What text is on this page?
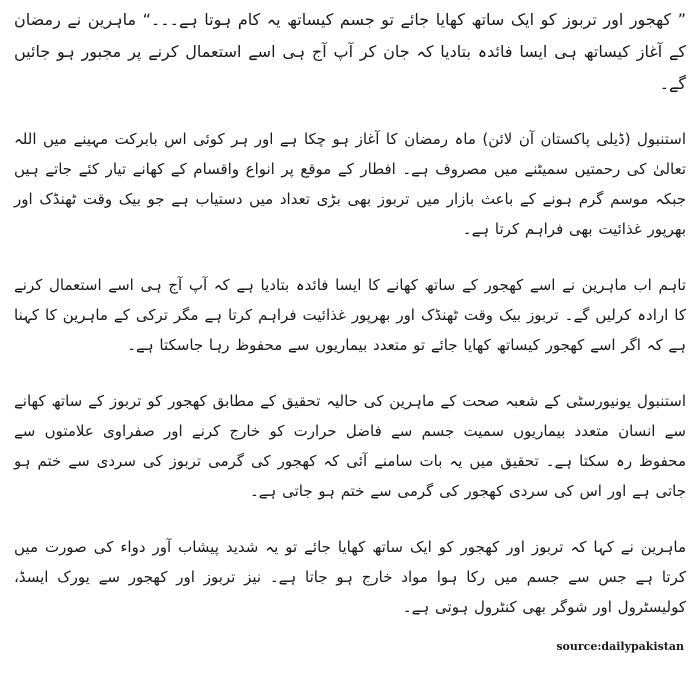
” کھجور اور تربوز کو ایک ساتھ کھایا جائے تو جسم کیساتھ یہ کام ہوتا ہے۔۔۔“ ماہرین نے رمضان کے آغاز کیساتھ ہی ایسا فائدہ بتادیا کہ جان کر آپ آج ہی اسے استعمال کرنے پر مجبور ہو جائیں گے۔

استنبول (ڈیلی پاکستان آن لائن) ماہ رمضان کا آغاز ہو چکا ہے اور ہر کوئی اس بابرکت مہینے میں اللہ تعالیٰ کی رحمتیں سمیٹنے میں مصروف ہے۔ افطار کے موقع پر انواع واقسام کے کھانے تیار کئے جاتے ہیں جبکہ موسم گرم ہونے کے باعث بازار میں تربوز بھی بڑی تعداد میں دستیاب ہے جو بیک وقت ٹھنڈک اور بھرپور غذائیت بھی فراہم کرتا ہے۔

تاہم اب ماہرین نے اسے کھجور کے ساتھ کھانے کا ایسا فائدہ بتادیا ہے کہ آپ آج ہی اسے استعمال کرنے کا ارادہ کرلیں گے۔ تربوز بیک وقت ٹھنڈک اور بھرپور غذائیت فراہم کرتا ہے مگر ترکی کے ماہرین کا کہنا ہے کہ اگر اسے کھجور کیساتھ کھایا جائے تو متعدد بیماریوں سے محفوظ رہا جاسکتا ہے۔

استنبول یونیورسٹی کے شعبہ صحت کے ماہرین کی حالیہ تحقیق کے مطابق کھجور کو تربوز کے ساتھ کھانے سے انسان متعدد بیماریوں سمیت جسم سے فاضل حرارت کو خارج کرنے اور صفراوی علامتوں سے محفوظ رہ سکتا ہے۔ تحقیق میں یہ بات سامنے آئی کہ کھجور کی گرمی تربوز کی سردی سے ختم ہو جاتی ہے اور اس کی سردی کھجور کی گرمی سے ختم ہو جاتی ہے۔

ماہرین نے کہا کہ تربوز اور کھجور کو ایک ساتھ کھایا جائے تو یہ شدید پیشاب آور دواء کی صورت میں کرتا ہے جس سے جسم میں رکا ہوا مواد خارج ہو جاتا ہے۔ نیز تربوز اور کھجور سے یورک ایسڈ، کولیسٹرول اور شوگر بھی کنٹرول ہوتی ہے۔

source:dailypakistan
